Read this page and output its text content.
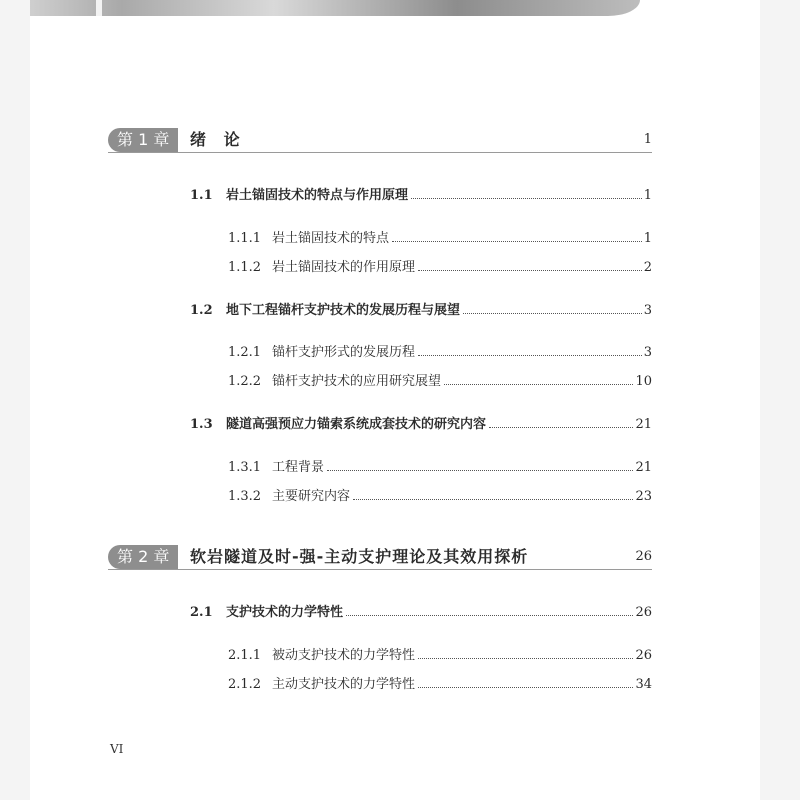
第 1 章	绪 论	1
1.1	岩土锚固技术的特点与作用原理	1
1.1.1 岩土锚固技术的特点	1
1.1.2 岩土锚固技术的作用原理	2
1.2	地下工程锚杆支护技术的发展历程与展望	3
1.2.1 锚杆支护形式的发展历程	3
1.2.2 锚杆支护技术的应用研究展望	10
1.3	隧道高强预应力锚索系统成套技术的研究内容	21
1.3.1 工程背景	21
1.3.2 主要研究内容	23
第 2 章	软岩隧道及时-强-主动支护理论及其效用探析	26
2.1	支护技术的力学特性	26
2.1.1 被动支护技术的力学特性	26
2.1.2 主动支护技术的力学特性	34
VI
